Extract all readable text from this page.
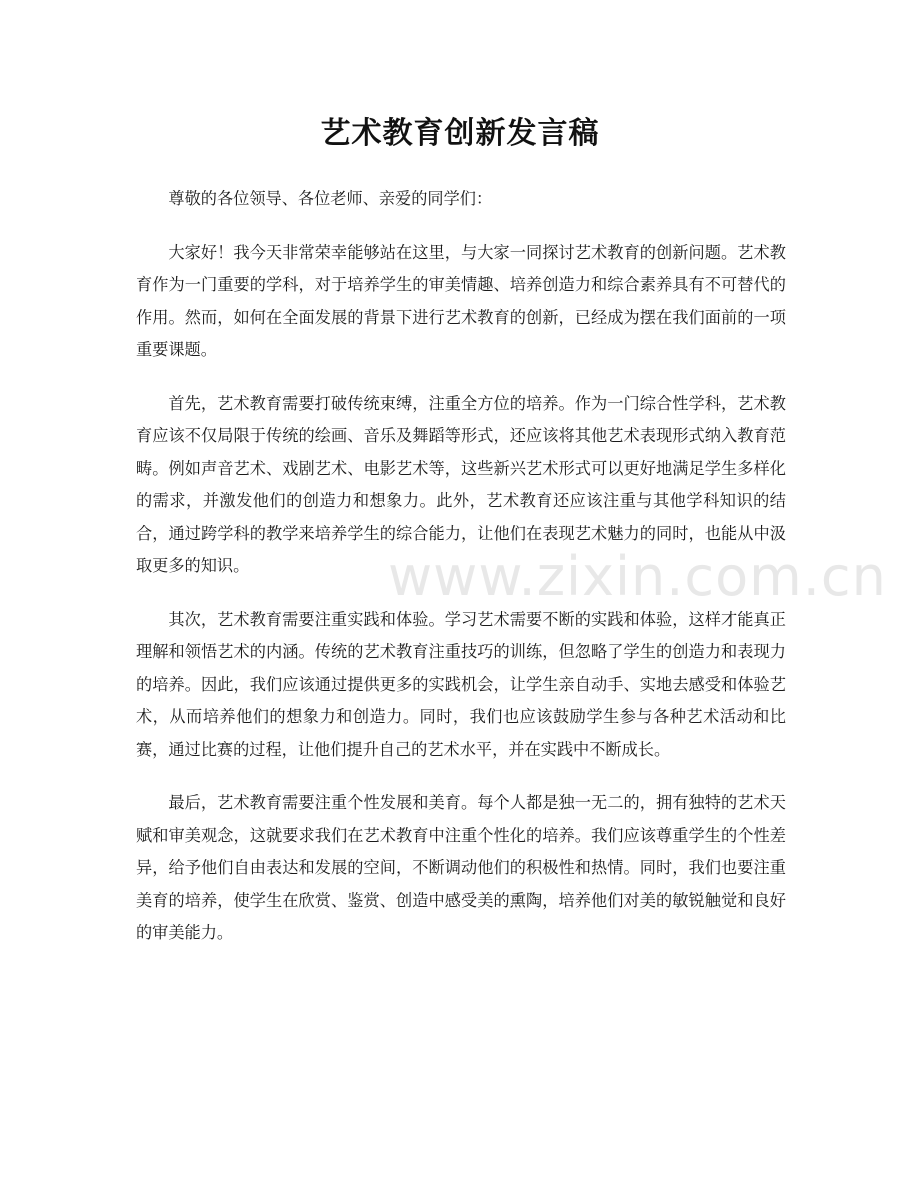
www.zixin.com.cn
艺术教育创新发言稿

尊敬的各位领导、各位老师、亲爱的同学们：

大家好！我今天非常荣幸能够站在这里，与大家一同探讨艺术教育的创新问题。艺术教育作为一门重要的学科，对于培养学生的审美情趣、培养创造力和综合素养具有不可替代的作用。然而，如何在全面发展的背景下进行艺术教育的创新，已经成为摆在我们面前的一项重要课题。

首先，艺术教育需要打破传统束缚，注重全方位的培养。作为一门综合性学科，艺术教育应该不仅局限于传统的绘画、音乐及舞蹈等形式，还应该将其他艺术表现形式纳入教育范畴。例如声音艺术、戏剧艺术、电影艺术等，这些新兴艺术形式可以更好地满足学生多样化的需求，并激发他们的创造力和想象力。此外，艺术教育还应该注重与其他学科知识的结合，通过跨学科的教学来培养学生的综合能力，让他们在表现艺术魅力的同时，也能从中汲取更多的知识。

其次，艺术教育需要注重实践和体验。学习艺术需要不断的实践和体验，这样才能真正理解和领悟艺术的内涵。传统的艺术教育注重技巧的训练，但忽略了学生的创造力和表现力的培养。因此，我们应该通过提供更多的实践机会，让学生亲自动手、实地去感受和体验艺术，从而培养他们的想象力和创造力。同时，我们也应该鼓励学生参与各种艺术活动和比赛，通过比赛的过程，让他们提升自己的艺术水平，并在实践中不断成长。

最后，艺术教育需要注重个性发展和美育。每个人都是独一无二的，拥有独特的艺术天赋和审美观念，这就要求我们在艺术教育中注重个性化的培养。我们应该尊重学生的个性差异，给予他们自由表达和发展的空间，不断调动他们的积极性和热情。同时，我们也要注重美育的培养，使学生在欣赏、鉴赏、创造中感受美的熏陶，培养他们对美的敏锐触觉和良好的审美能力。
